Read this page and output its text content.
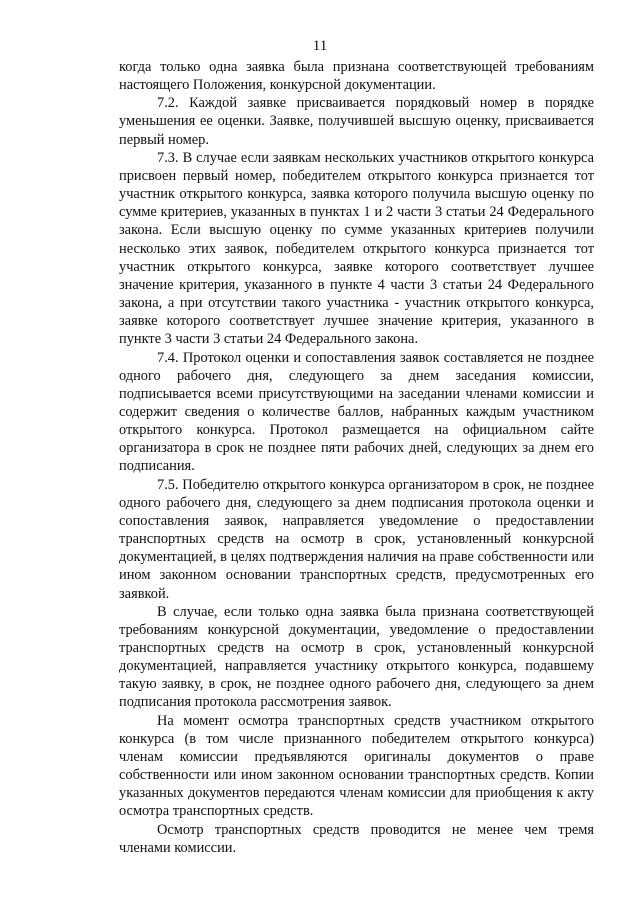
11

когда только одна заявка была признана соответствующей требованиям настоящего Положения, конкурсной документации.

7.2. Каждой заявке присваивается порядковый номер в порядке уменьшения ее оценки. Заявке, получившей высшую оценку, присваивается первый номер.

7.3. В случае если заявкам нескольких участников открытого конкурса присвоен первый номер, победителем открытого конкурса признается тот участник открытого конкурса, заявка которого получила высшую оценку по сумме критериев, указанных в пунктах 1 и 2 части 3 статьи 24 Федерального закона. Если высшую оценку по сумме указанных критериев получили несколько этих заявок, победителем открытого конкурса признается тот участник открытого конкурса, заявке которого соответствует лучшее значение критерия, указанного в пункте 4 части 3 статьи 24 Федерального закона, а при отсутствии такого участника - участник открытого конкурса, заявке которого соответствует лучшее значение критерия, указанного в пункте 3 части 3 статьи 24 Федерального закона.

7.4. Протокол оценки и сопоставления заявок составляется не позднее одного рабочего дня, следующего за днем заседания комиссии, подписывается всеми присутствующими на заседании членами комиссии и содержит сведения о количестве баллов, набранных каждым участником открытого конкурса. Протокол размещается на официальном сайте организатора в срок не позднее пяти рабочих дней, следующих за днем его подписания.

7.5. Победителю открытого конкурса организатором в срок, не позднее одного рабочего дня, следующего за днем подписания протокола оценки и сопоставления заявок, направляется уведомление о предоставлении транспортных средств на осмотр в срок, установленный конкурсной документацией, в целях подтверждения наличия на праве собственности или ином законном основании транспортных средств, предусмотренных его заявкой.

В случае, если только одна заявка была признана соответствующей требованиям конкурсной документации, уведомление о предоставлении транспортных средств на осмотр в срок, установленный конкурсной документацией, направляется участнику открытого конкурса, подавшему такую заявку, в срок, не позднее одного рабочего дня, следующего за днем подписания протокола рассмотрения заявок.

На момент осмотра транспортных средств участником открытого конкурса (в том числе признанного победителем открытого конкурса) членам комиссии предъявляются оригиналы документов о праве собственности или ином законном основании транспортных средств. Копии указанных документов передаются членам комиссии для приобщения к акту осмотра транспортных средств.

Осмотр транспортных средств проводится не менее чем тремя членами комиссии.
